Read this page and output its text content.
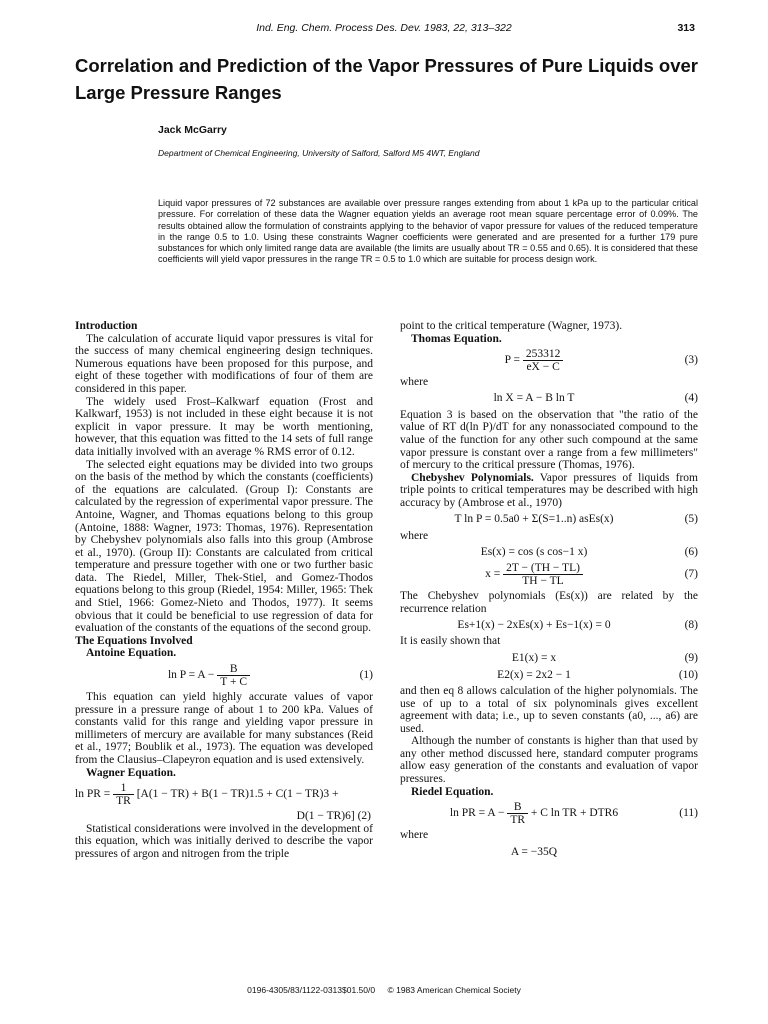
Ind. Eng. Chem. Process Des. Dev. 1983, 22, 313–322	313
Correlation and Prediction of the Vapor Pressures of Pure Liquids over Large Pressure Ranges
Jack McGarry
Department of Chemical Engineering, University of Salford, Salford M5 4WT, England
Liquid vapor pressures of 72 substances are available over pressure ranges extending from about 1 kPa up to the particular critical pressure. For correlation of these data the Wagner equation yields an average root mean square percentage error of 0.09%. The results obtained allow the formulation of constraints applying to the behavior of vapor pressure for values of the reduced temperature in the range 0.5 to 1.0. Using these constraints Wagner coefficients were generated and are presented for a further 179 pure substances for which only limited range data are available (the limits are usually about TR = 0.55 and 0.65). It is considered that these coefficients will yield vapor pressures in the range TR = 0.5 to 1.0 which are suitable for process design work.
Introduction

The calculation of accurate liquid vapor pressures is vital for the success of many chemical engineering design techniques. Numerous equations have been proposed for this purpose, and eight of these together with modifications of four of them are considered in this paper.

The widely used Frost–Kalkwarf equation (Frost and Kalkwarf, 1953) is not included in these eight because it is not explicit in vapor pressure. It may be worth mentioning, however, that this equation was fitted to the 14 sets of full range data initially involved with an average % RMS error of 0.12.

The selected eight equations may be divided into two groups on the basis of the method by which the constants (coefficients) of the equations are calculated. (Group I): Constants are calculated by the regression of experimental vapor pressure. The Antoine, Wagner, and Thomas equations belong to this group (Antoine, 1888: Wagner, 1973: Thomas, 1976). Representation by Chebyshev polynomials also falls into this group (Ambrose et al., 1970). (Group II): Constants are calculated from critical temperature and pressure together with one or two further basic data. The Riedel, Miller, Thek-Stiel, and Gomez-Thodos equations belong to this group (Riedel, 1954: Miller, 1965: Thek and Stiel, 1966: Gomez-Nieto and Thodos, 1977). It seems obvious that it could be beneficial to use regression of data for evaluation of the constants of the equations of the second group.

The Equations Involved
Antoine Equation.
$\ln P = A - \frac{B}{T + C}$	(1)

This equation can yield highly accurate values of vapor pressure in a pressure range of about 1 to 200 kPa. Values of constants valid for this range and yielding vapor pressure in millimeters of mercury are available for many substances (Reid et al., 1977; Boublik et al., 1973). The equation was developed from the Clausius–Clapeyron equation and is used extensively.

Wagner Equation.
ln PR = $\frac{1}{TR} [A(1 - TR) + B(1 - TR)1.5 + C(1 - TR)3$ +
D(1 − TR)6] (2)

Statistical considerations were involved in the development of this equation, which was initially derived to describe the vapor pressures of argon and nitrogen from the triple

point to the critical temperature (Wagner, 1973).

Thomas Equation.
$P = \frac{253312}{eX - C}$	(3)

where

ln X = A − B ln T	(4)

Equation 3 is based on the observation that "the ratio of the value of RT d(ln P)/dT for any nonassociated compound to the value of the function for any other such compound at the same vapor pressure is constant over a range from a few millimeters" of mercury to the critical pressure (Thomas, 1976).

Chebyshev Polynomials. Vapor pressures of liquids from triple points to critical temperatures may be described with high accuracy by (Ambrose et al., 1970)

T ln P = 0.5a0 + Σ(S=1..n) asEs(x)	(5)

where

Es(x) = cos (s cos−1 x)	(6)
$x = \frac{2T - (TH - TL)}{TH - TL}$	(7)

The Chebyshev polynomials (Es(x)) are related by the recurrence relation

Es+1(x) − 2xEs(x) + Es−1(x) = 0	(8)

It is easily shown that

E1(x) = x	(9)
E2(x) = 2x2 − 1	(10)

and then eq 8 allows calculation of the higher polynomials. The use of up to a total of six polynominals gives excellent agreement with data; i.e., up to seven constants (a0, ..., a6) are used.

Although the number of constants is higher than that used by any other method discussed here, standard computer programs allow easy generation of the constants and evaluation of vapor pressures.

Riedel Equation.
ln PR = $A - \frac{B}{TR} + C$ ln TR + DTR6	(11)

where

A = −35Q
0196-4305/83/1122-0313$01.50/0 © 1983 American Chemical Society
